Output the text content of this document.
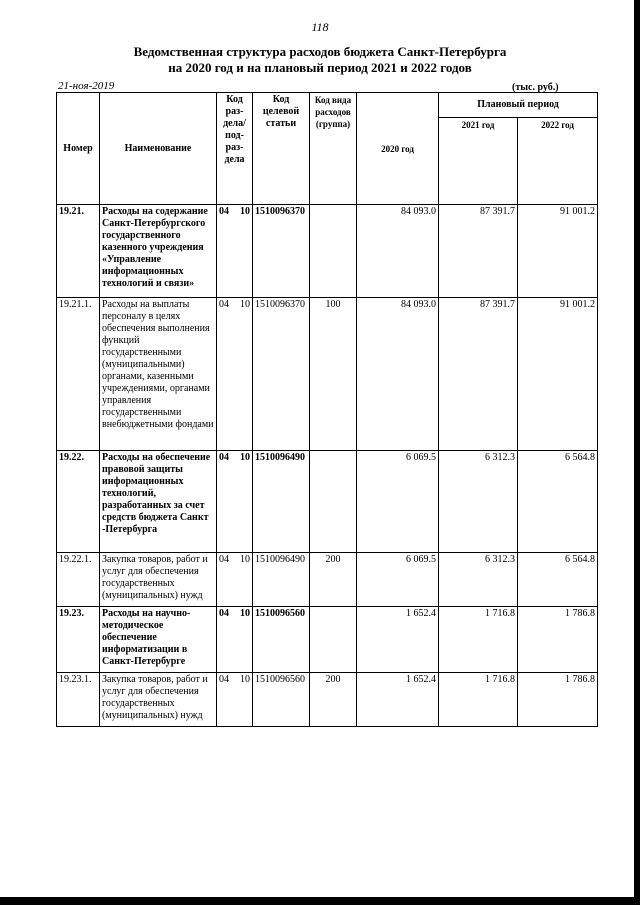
118
Ведомственная структура расходов бюджета Санкт-Петербурга
на 2020 год и на плановый период 2021 и 2022 годов
21-ноя-2019	(тыс. руб.)
Номер	Наименование	Код раз- дела/ под- раз- дела		Код целевой статьи	Код вида расходов (группа)	2020 год	Плановый период	
							2021 год	2022 год
19.21.	Расходы на содержание Санкт-Петербургского государственного казенного учреждения «Управление информационных технологий и связи»	04	10	1510096370		84 093.0	87 391.7	91 001.2
19.21.1.	Расходы на выплаты персоналу в целях обеспечения выполнения функций государственными (муниципальными) органами, казенными учреждениями, органами управления государственными внебюджетными фондами	04	10	1510096370	100	84 093.0	87 391.7	91 001.2
19.22.	Расходы на обеспечение правовой защиты информационных технологий, разработанных за счет средств бюджета Санкт -Петербурга	04	10	1510096490		6 069.5	6 312.3	6 564.8
19.22.1.	Закупка товаров, работ и услуг для обеспечения государственных (муниципальных) нужд	04	10	1510096490	200	6 069.5	6 312.3	6 564.8
19.23.	Расходы на научно-методическое обеспечение информатизации в Санкт-Петербурге	04	10	1510096560		1 652.4	1 716.8	1 786.8
19.23.1.	Закупка товаров, работ и услуг для обеспечения государственных (муниципальных) нужд	04	10	1510096560	200	1 652.4	1 716.8	1 786.8
